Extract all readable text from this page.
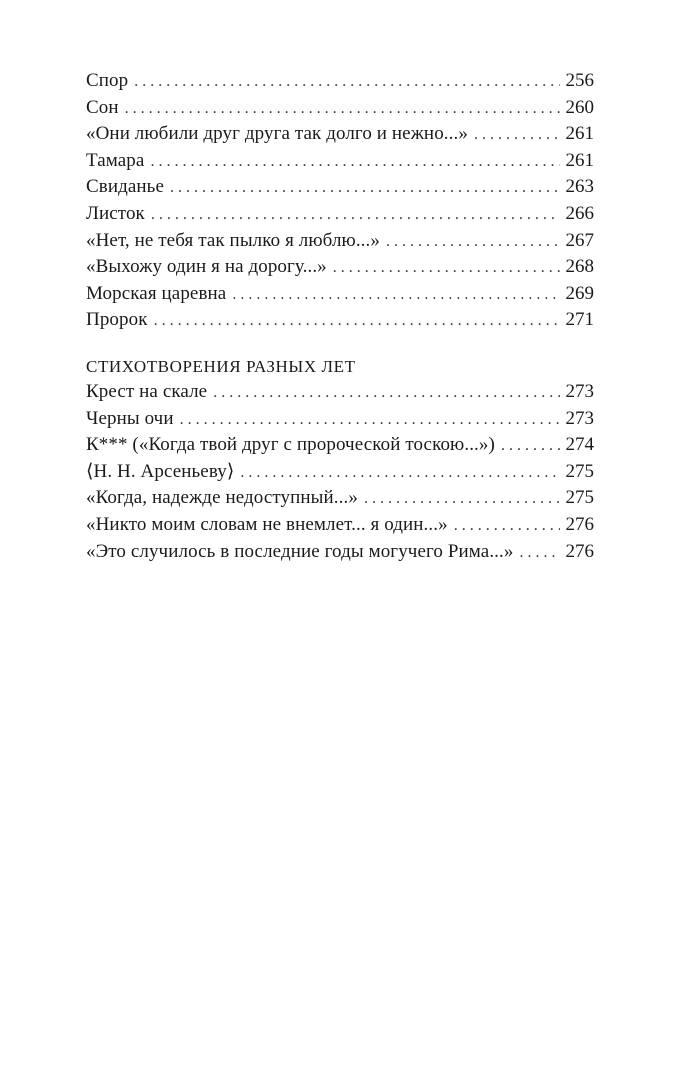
Спор . . .	256
Сон . . .	260
«Они любили друг друга так долго и нежно...» . . .	261
Тамара . . .	261
Свиданье . . .	263
Листок . . .	266
«Нет, не тебя так пылко я люблю...» . . .	267
«Выхожу один я на дорогу...» . . .	268
Морская царевна . . .	269
Пророк . . .	271
СТИХОТВОРЕНИЯ РАЗНЫХ ЛЕТ
Крест на скале . . .	273
Черны очи . . .	273
К*** («Когда твой друг с пророческой тоскою...») . . .	274
⟨Н. Н. Арсеньеву⟩ . . .	275
«Когда, надежде недоступный...» . . .	275
«Никто моим словам не внемлет... я один...» . . .	276
«Это случилось в последние годы могучего Рима...» . . .	276
